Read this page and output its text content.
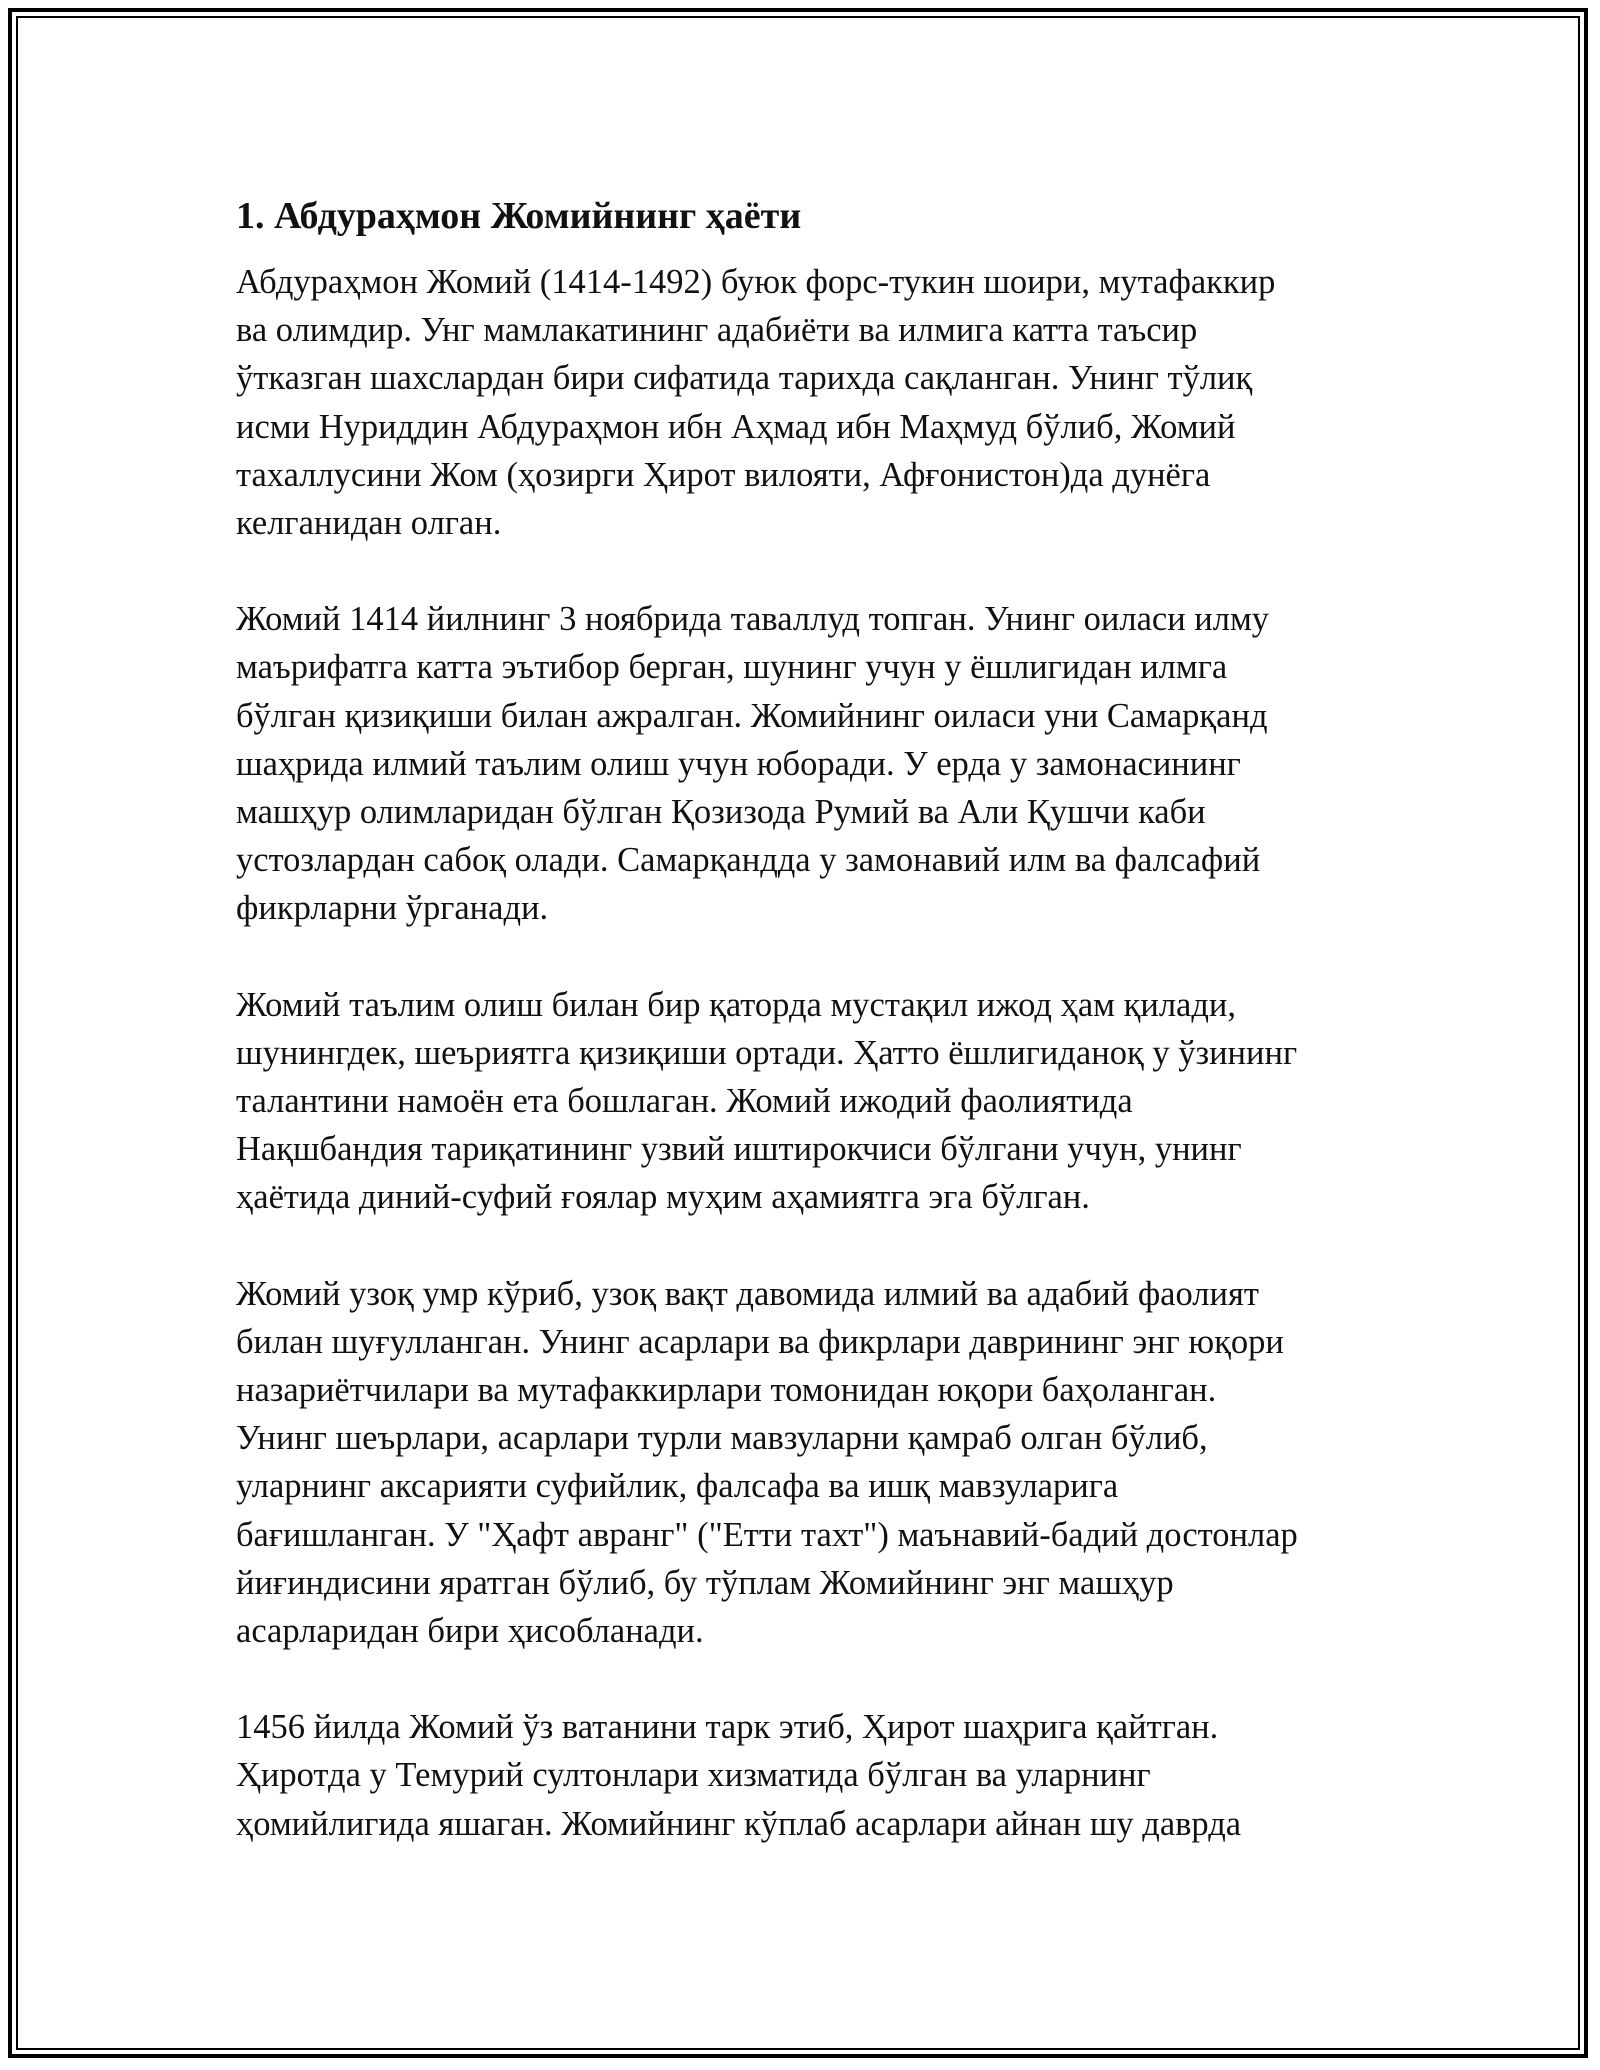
1. Абдураҳмон Жомийнинг ҳаёти

Абдураҳмон Жомий (1414-1492) буюк форс-тукин шоири, мутафаккир
ва олимдир. Унг мамлакатининг адабиёти ва илмига катта таъсир
ўтказган шахслардан бири сифатида тарихда сақланган. Унинг тўлиқ
исми Нуриддин Абдураҳмон ибн Аҳмад ибн Маҳмуд бўлиб, Жомий
тахаллусини Жом (ҳозирги Ҳирот вилояти, Афғонистон)да дунёга
келганидан олган.

Жомий 1414 йилнинг 3 ноябрида таваллуд топган. Унинг оиласи илму
маърифатга катта эътибор берган, шунинг учун у ёшлигидан илмга
бўлган қизиқиши билан ажралган. Жомийнинг оиласи уни Самарқанд
шаҳрида илмий таълим олиш учун юборади. У ерда у замонасининг
машҳур олимларидан бўлган Қозизода Румий ва Али Қушчи каби
устозлардан сабоқ олади. Самарқандда у замонавий илм ва фалсафий
фикрларни ўрганади.

Жомий таълим олиш билан бир қаторда мустақил ижод ҳам қилади,
шунингдек, шеъриятга қизиқиши ортади. Ҳатто ёшлигиданоқ у ўзининг
талантини намоён ета бошлаган. Жомий ижодий фаолиятида
Нақшбандия тариқатининг узвий иштирокчиси бўлгани учун, унинг
ҳаётида диний-суфий ғоялар муҳим аҳамиятга эга бўлган.

Жомий узоқ умр кўриб, узоқ вақт давомида илмий ва адабий фаолият
билан шуғулланган. Унинг асарлари ва фикрлари даврининг энг юқори
назариётчилари ва мутафаккирлари томонидан юқори баҳоланган.
Унинг шеърлари, асарлари турли мавзуларни қамраб олган бўлиб,
уларнинг аксарияти суфийлик, фалсафа ва ишқ мавзуларига
бағишланган. У "Ҳафт авранг" ("Етти тахт") маънавий-бадий достонлар
йиғиндисини яратган бўлиб, бу тўплам Жомийнинг энг машҳур
асарларидан бири ҳисобланади.

1456 йилда Жомий ўз ватанини тарк этиб, Ҳирот шаҳрига қайтган.
Ҳиротда у Темурий султонлари хизматида бўлган ва уларнинг
ҳомийлигида яшаган. Жомийнинг кўплаб асарлари айнан шу даврда
